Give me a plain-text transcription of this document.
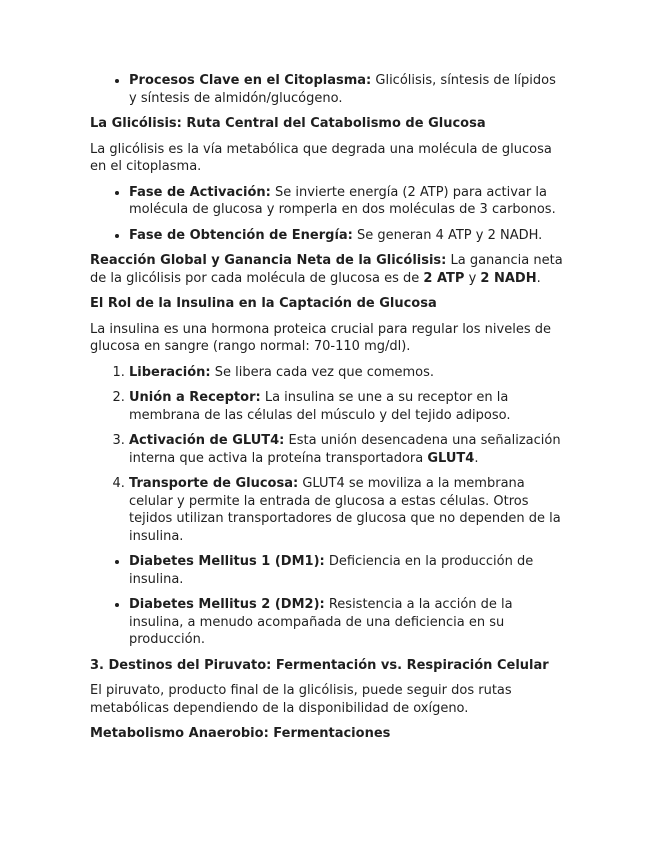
• Procesos Clave en el Citoplasma: Glicólisis, síntesis de lípidos y síntesis de almidón/glucógeno.
La Glicólisis: Ruta Central del Catabolismo de Glucosa

La glicólisis es la vía metabólica que degrada una molécula de glucosa en el citoplasma.

• Fase de Activación: Se invierte energía (2 ATP) para activar la molécula de glucosa y romperla en dos moléculas de 3 carbonos.
• Fase de Obtención de Energía: Se generan 4 ATP y 2 NADH.

Reacción Global y Ganancia Neta de la Glicólisis: La ganancia neta de la glicólisis por cada molécula de glucosa es de 2 ATP y 2 NADH.

El Rol de la Insulina en la Captación de Glucosa

La insulina es una hormona proteica crucial para regular los niveles de glucosa en sangre (rango normal: 70-110 mg/dl).

1. Liberación: Se libera cada vez que comemos.
2. Unión a Receptor: La insulina se une a su receptor en la membrana de las células del músculo y del tejido adiposo.
3. Activación de GLUT4: Esta unión desencadena una señalización interna que activa la proteína transportadora GLUT4.
4. Transporte de Glucosa: GLUT4 se moviliza a la membrana celular y permite la entrada de glucosa a estas células. Otros tejidos utilizan transportadores de glucosa que no dependen de la insulina.
• Diabetes Mellitus 1 (DM1): Deficiencia en la producción de insulina.
• Diabetes Mellitus 2 (DM2): Resistencia a la acción de la insulina, a menudo acompañada de una deficiencia en su producción.
3. Destinos del Piruvato: Fermentación vs. Respiración Celular

El piruvato, producto final de la glicólisis, puede seguir dos rutas metabólicas dependiendo de la disponibilidad de oxígeno.

Metabolismo Anaerobio: Fermentaciones
